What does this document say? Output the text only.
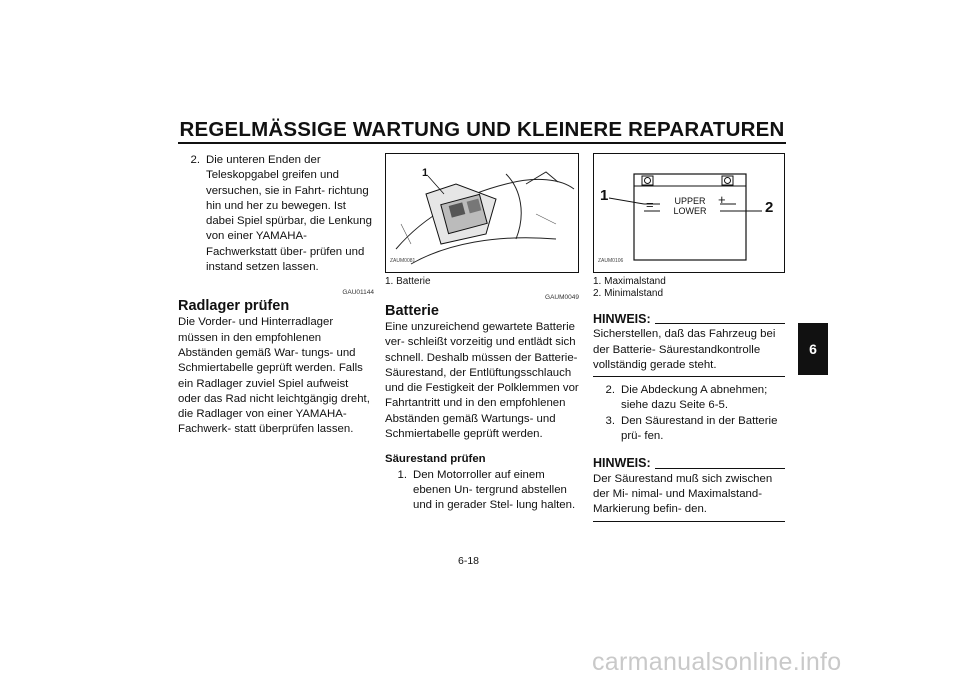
REGELMÄSSIGE WARTUNG UND KLEINERE REPARATUREN
2. Die unteren Enden der Teleskopgabel greifen und versuchen, sie in Fahrt- richtung hin und her zu bewegen. Ist dabei Spiel spürbar, die Lenkung von einer YAMAHA-Fachwerkstatt über- prüfen und instand setzen lassen.
GAU01144
Radlager prüfen

Die Vorder- und Hinterradlager müssen in den empfohlenen Abständen gemäß War- tungs- und Schmiertabelle geprüft werden. Falls ein Radlager zuviel Spiel aufweist oder das Rad nicht leichtgängig dreht, die Radlager von einer YAMAHA-Fachwerk- statt überprüfen lassen.

1
ZAUM0081
1. Batterie
GAUM0049
Batterie

Eine unzureichend gewartete Batterie ver- schleißt vorzeitig und entlädt sich schnell. Deshalb müssen der Batterie-Säurestand, der Entlüftungsschlauch und die Festigkeit der Polklemmen vor Fahrtantritt und in den empfohlenen Abständen gemäß Wartungs- und Schmiertabelle geprüft werden.

Säurestand prüfen
1. Den Motorroller auf einem ebenen Un- tergrund abstellen und in gerader Stel- lung halten.
1
2
UPPER
LOWER
+
=
ZAUM0106
1. Maximalstand
2. Minimalstand
HINWEIS:

Sicherstellen, daß das Fahrzeug bei der Batterie- Säurestandkontrolle vollständig gerade steht.

2. Die Abdeckung A abnehmen; siehe dazu Seite 6-5.
3. Den Säurestand in der Batterie prü- fen.
HINWEIS:

Der Säurestand muß sich zwischen der Mi- nimal- und Maximalstand-Markierung befin- den.

6
6-18
carmanualsonline.info
